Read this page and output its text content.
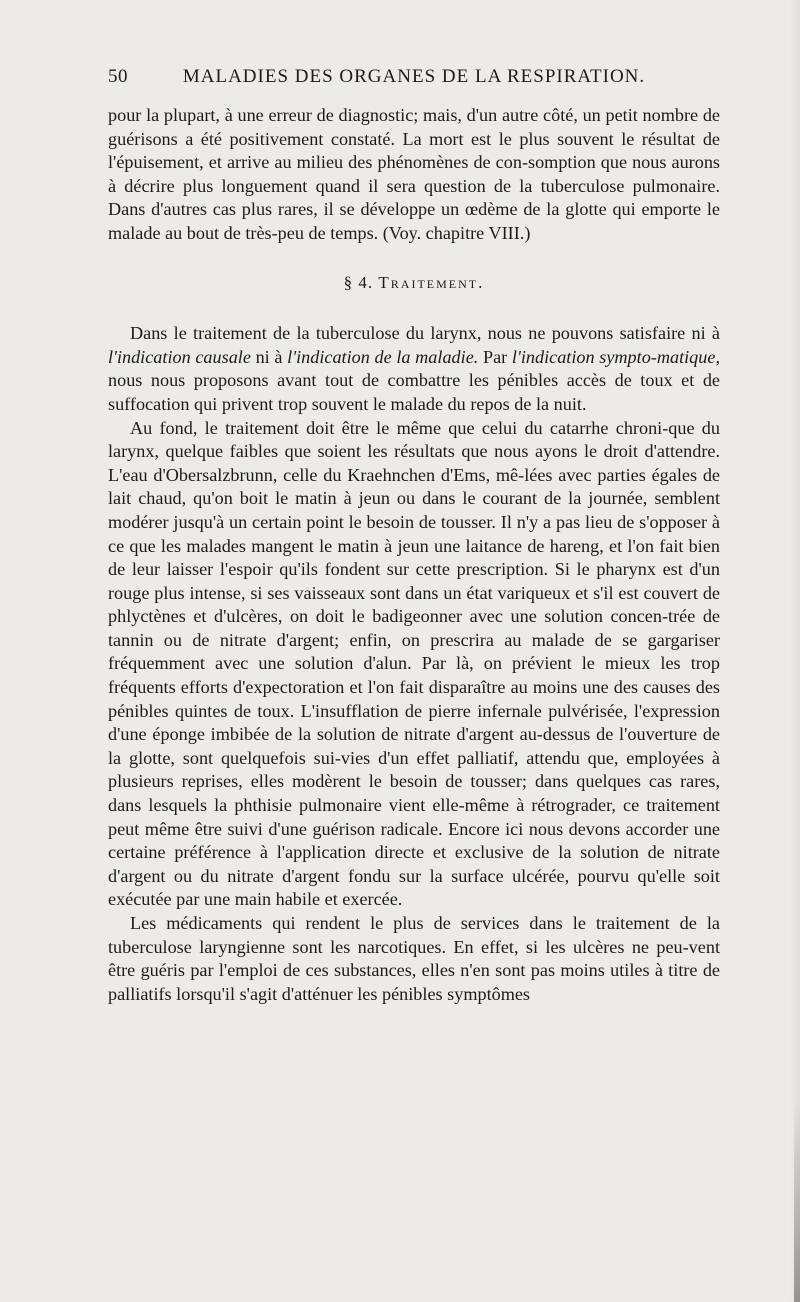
50	MALADIES DES ORGANES DE LA RESPIRATION.

pour la plupart, à une erreur de diagnostic; mais, d'un autre côté, un petit nombre de guérisons a été positivement constaté. La mort est le plus souvent le résultat de l'épuisement, et arrive au milieu des phénomènes de con-somption que nous aurons à décrire plus longuement quand il sera question de la tuberculose pulmonaire. Dans d'autres cas plus rares, il se développe un œdème de la glotte qui emporte le malade au bout de très-peu de temps. (Voy. chapitre VIII.)

§ 4. Traitement.

Dans le traitement de la tuberculose du larynx, nous ne pouvons satisfaire ni à l'indication causale ni à l'indication de la maladie. Par l'indication sympto-matique, nous nous proposons avant tout de combattre les pénibles accès de toux et de suffocation qui privent trop souvent le malade du repos de la nuit.

Au fond, le traitement doit être le même que celui du catarrhe chroni-que du larynx, quelque faibles que soient les résultats que nous ayons le droit d'attendre. L'eau d'Obersalzbrunn, celle du Kraehnchen d'Ems, mê-lées avec parties égales de lait chaud, qu'on boit le matin à jeun ou dans le courant de la journée, semblent modérer jusqu'à un certain point le besoin de tousser. Il n'y a pas lieu de s'opposer à ce que les malades mangent le matin à jeun une laitance de hareng, et l'on fait bien de leur laisser l'espoir qu'ils fondent sur cette prescription. Si le pharynx est d'un rouge plus intense, si ses vaisseaux sont dans un état variqueux et s'il est couvert de phlyctènes et d'ulcères, on doit le badigeonner avec une solution concen-trée de tannin ou de nitrate d'argent; enfin, on prescrira au malade de se gargariser fréquemment avec une solution d'alun. Par là, on prévient le mieux les trop fréquents efforts d'expectoration et l'on fait disparaître au moins une des causes des pénibles quintes de toux. L'insufflation de pierre infernale pulvérisée, l'expression d'une éponge imbibée de la solution de nitrate d'argent au-dessus de l'ouverture de la glotte, sont quelquefois sui-vies d'un effet palliatif, attendu que, employées à plusieurs reprises, elles modèrent le besoin de tousser; dans quelques cas rares, dans lesquels la phthisie pulmonaire vient elle-même à rétrograder, ce traitement peut même être suivi d'une guérison radicale. Encore ici nous devons accorder une certaine préférence à l'application directe et exclusive de la solution de nitrate d'argent ou du nitrate d'argent fondu sur la surface ulcérée, pourvu qu'elle soit exécutée par une main habile et exercée.

Les médicaments qui rendent le plus de services dans le traitement de la tuberculose laryngienne sont les narcotiques. En effet, si les ulcères ne peu-vent être guéris par l'emploi de ces substances, elles n'en sont pas moins utiles à titre de palliatifs lorsqu'il s'agit d'atténuer les pénibles symptômes
